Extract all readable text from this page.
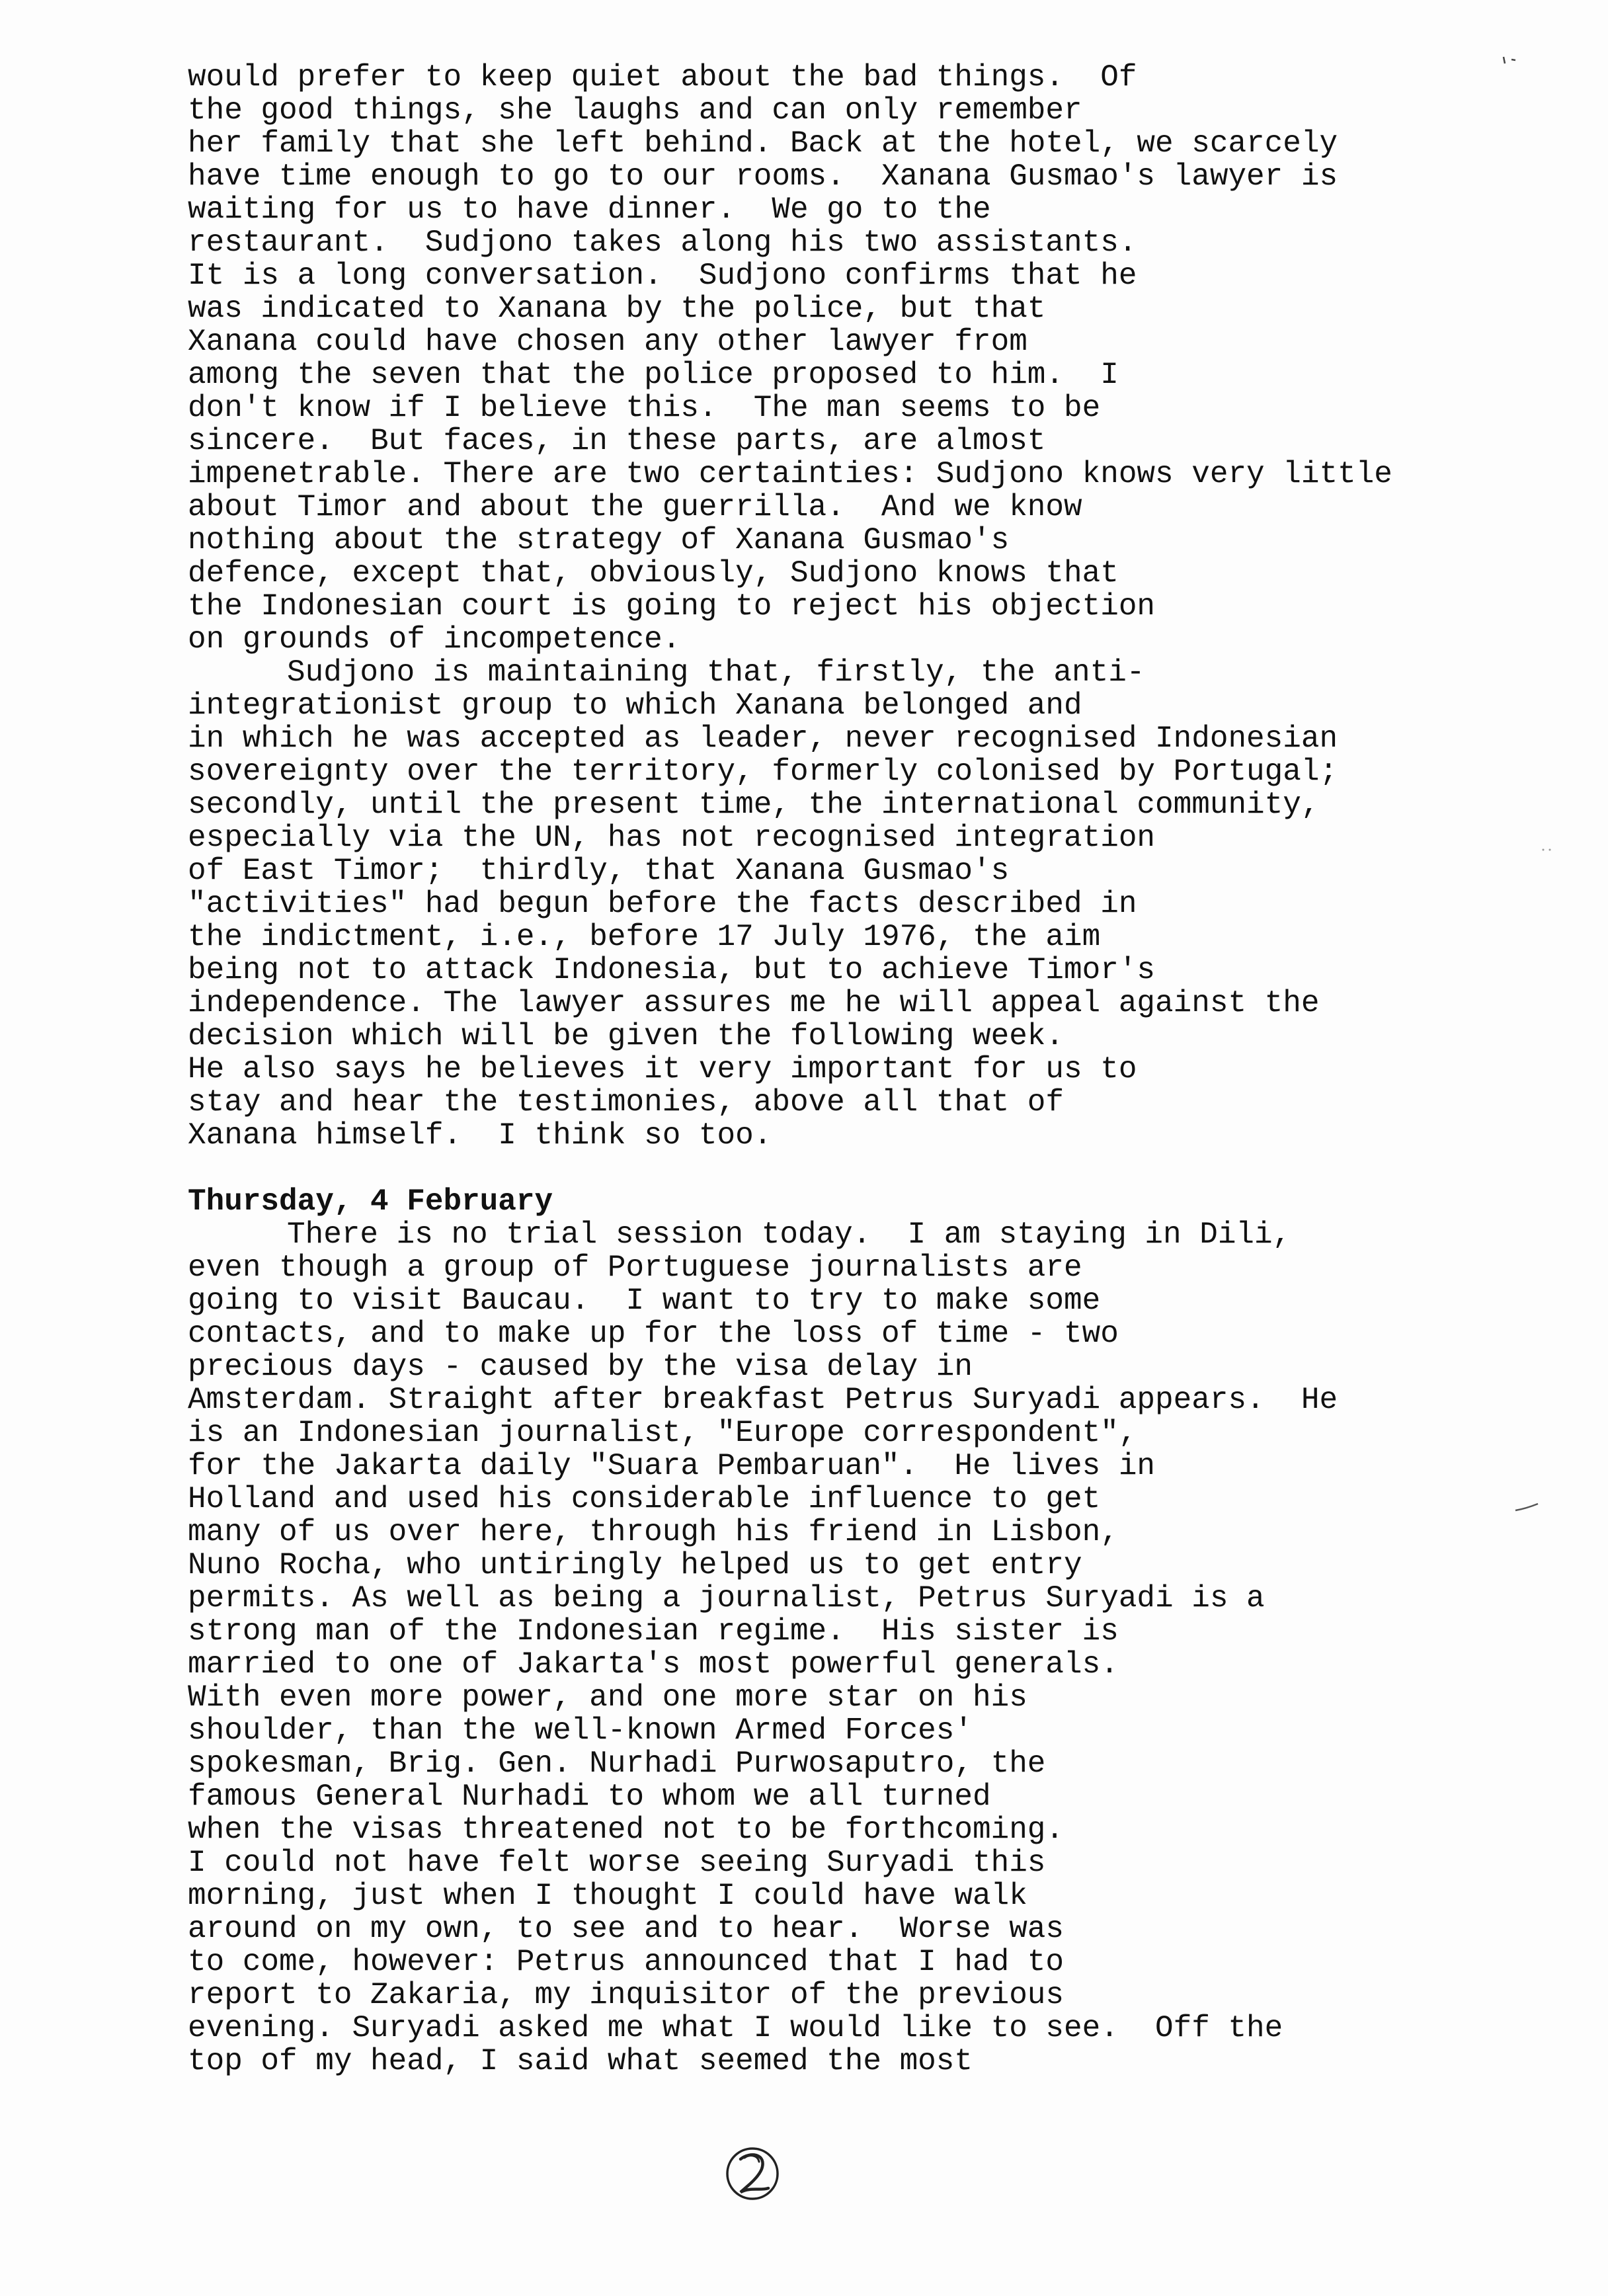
would prefer to keep quiet about the bad things.  Of
the good things, she laughs and can only remember
her family that she left behind. Back at the hotel, we scarcely
have time enough to go to our rooms.  Xanana Gusmao's lawyer is
waiting for us to have dinner.  We go to the
restaurant.  Sudjono takes along his two assistants.
It is a long conversation.  Sudjono confirms that he
was indicated to Xanana by the police, but that
Xanana could have chosen any other lawyer from
among the seven that the police proposed to him.  I
don't know if I believe this.  The man seems to be
sincere.  But faces, in these parts, are almost
impenetrable. There are two certainties: Sudjono knows very little
about Timor and about the guerrilla.  And we know
nothing about the strategy of Xanana Gusmao's
defence, except that, obviously, Sudjono knows that
the Indonesian court is going to reject his objection
on grounds of incompetence.
Sudjono is maintaining that, firstly, the anti-
integrationist group to which Xanana belonged and
in which he was accepted as leader, never recognised Indonesian
sovereignty over the territory, formerly colonised by Portugal;
secondly, until the present time, the international community,
especially via the UN, has not recognised integration
of East Timor;  thirdly, that Xanana Gusmao's
"activities" had begun before the facts described in
the indictment, i.e., before 17 July 1976, the aim
being not to attack Indonesia, but to achieve Timor's
independence. The lawyer assures me he will appeal against the
decision which will be given the following week.
He also says he believes it very important for us to
stay and hear the testimonies, above all that of
Xanana himself.  I think so too.
Thursday, 4 February
There is no trial session today.  I am staying in Dili,
even though a group of Portuguese journalists are
going to visit Baucau.  I want to try to make some
contacts, and to make up for the loss of time - two
precious days - caused by the visa delay in
Amsterdam. Straight after breakfast Petrus Suryadi appears.  He
is an Indonesian journalist, "Europe correspondent",
for the Jakarta daily "Suara Pembaruan".  He lives in
Holland and used his considerable influence to get
many of us over here, through his friend in Lisbon,
Nuno Rocha, who untiringly helped us to get entry
permits. As well as being a journalist, Petrus Suryadi is a
strong man of the Indonesian regime.  His sister is
married to one of Jakarta's most powerful generals.
With even more power, and one more star on his
shoulder, than the well-known Armed Forces'
spokesman, Brig. Gen. Nurhadi Purwosaputro, the
famous General Nurhadi to whom we all turned
when the visas threatened not to be forthcoming.
I could not have felt worse seeing Suryadi this
morning, just when I thought I could have walk
around on my own, to see and to hear.  Worse was
to come, however: Petrus announced that I had to
report to Zakaria, my inquisitor of the previous
evening. Suryadi asked me what I would like to see.  Off the
top of my head, I said what seemed the most
2
